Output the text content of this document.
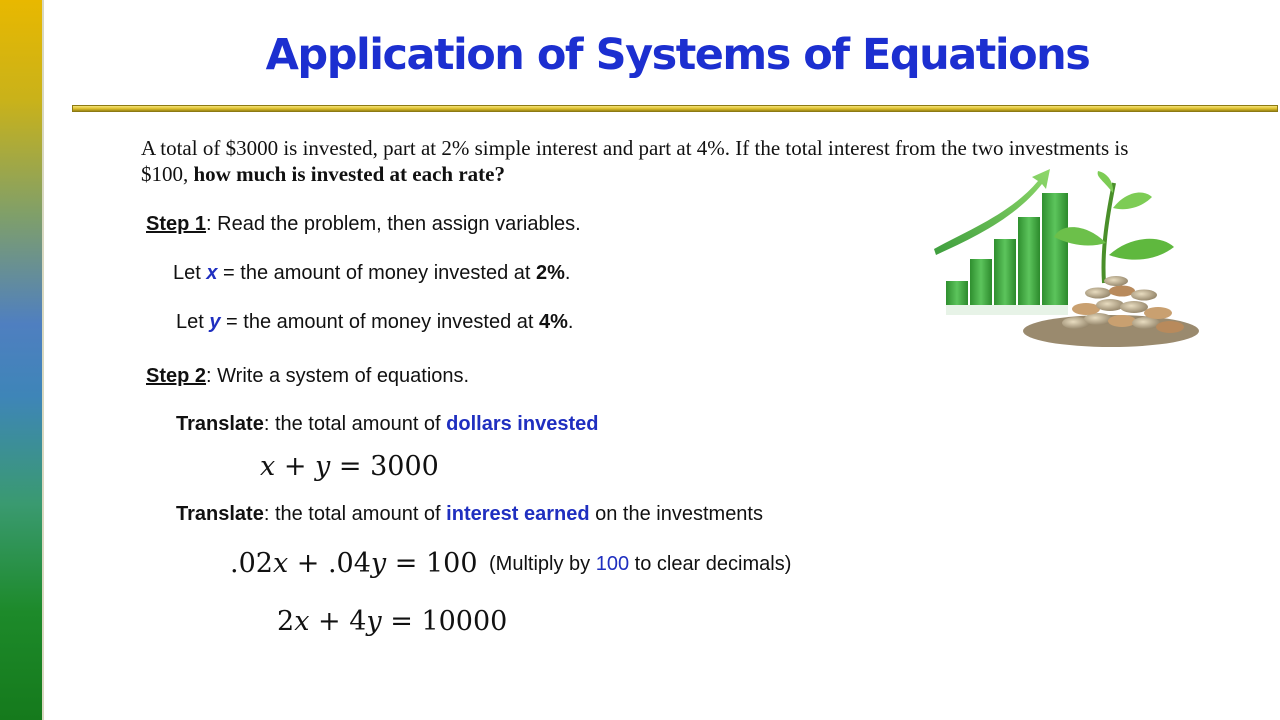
Application of Systems of Equations
A total of $3000 is invested, part at 2% simple interest and part at 4%. If the total interest from the two investments is $100, how much is invested at each rate?
Step 1: Read the problem, then assign variables.
Let x = the amount of money invested at 2%.
Let y = the amount of money invested at 4%.
Step 2: Write a system of equations.
Translate: the total amount of dollars invested
x + y = 3000
Translate: the total amount of interest earned on the investments
.02x + .04y = 100 (Multiply by 100 to clear decimals)
2x + 4y = 10000
